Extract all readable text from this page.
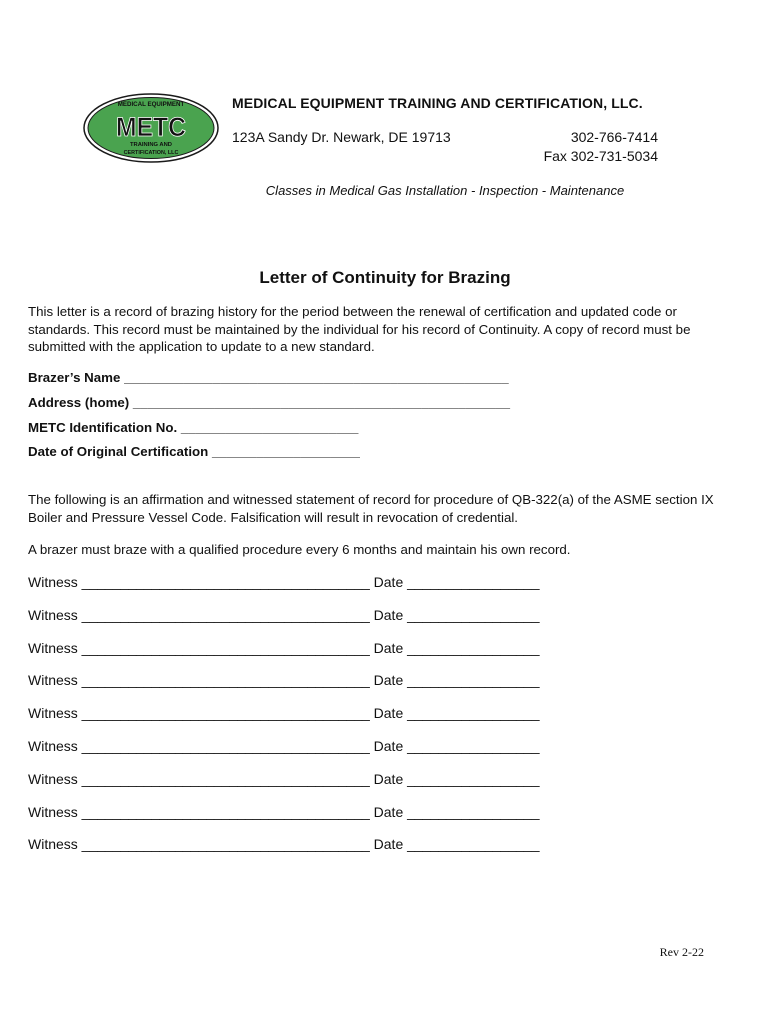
MEDICAL EQUIPMENT
METC
TRAINING AND
CERTIFICATION, LLC
MEDICAL EQUIPMENT TRAINING AND CERTIFICATION, LLC.
123A Sandy Dr. Newark, DE 19713	302-766-7414
Fax 302-731-5034
Classes in Medical Gas Installation - Inspection - Maintenance
Letter of Continuity for Brazing
This letter is a record of brazing history for the period between the renewal of certification and updated code or standards. This record must be maintained by the individual for his record of Continuity. A copy of record must be submitted with the application to update to a new standard.
Brazer’s Name ____________________________________________________
Address (home) ___________________________________________________
METC Identification No. ________________________
Date of Original Certification ____________________
The following is an affirmation and witnessed statement of record for procedure of QB-322(a) of the ASME section IX Boiler and Pressure Vessel Code. Falsification will result in revocation of credential.
A brazer must braze with a qualified procedure every 6 months and maintain his own record.
Witness _____________________________________ Date _________________
Witness _____________________________________ Date _________________
Witness _____________________________________ Date _________________
Witness _____________________________________ Date _________________
Witness _____________________________________ Date _________________
Witness _____________________________________ Date _________________
Witness _____________________________________ Date _________________
Witness _____________________________________ Date _________________
Witness _____________________________________ Date _________________
Rev 2-22
